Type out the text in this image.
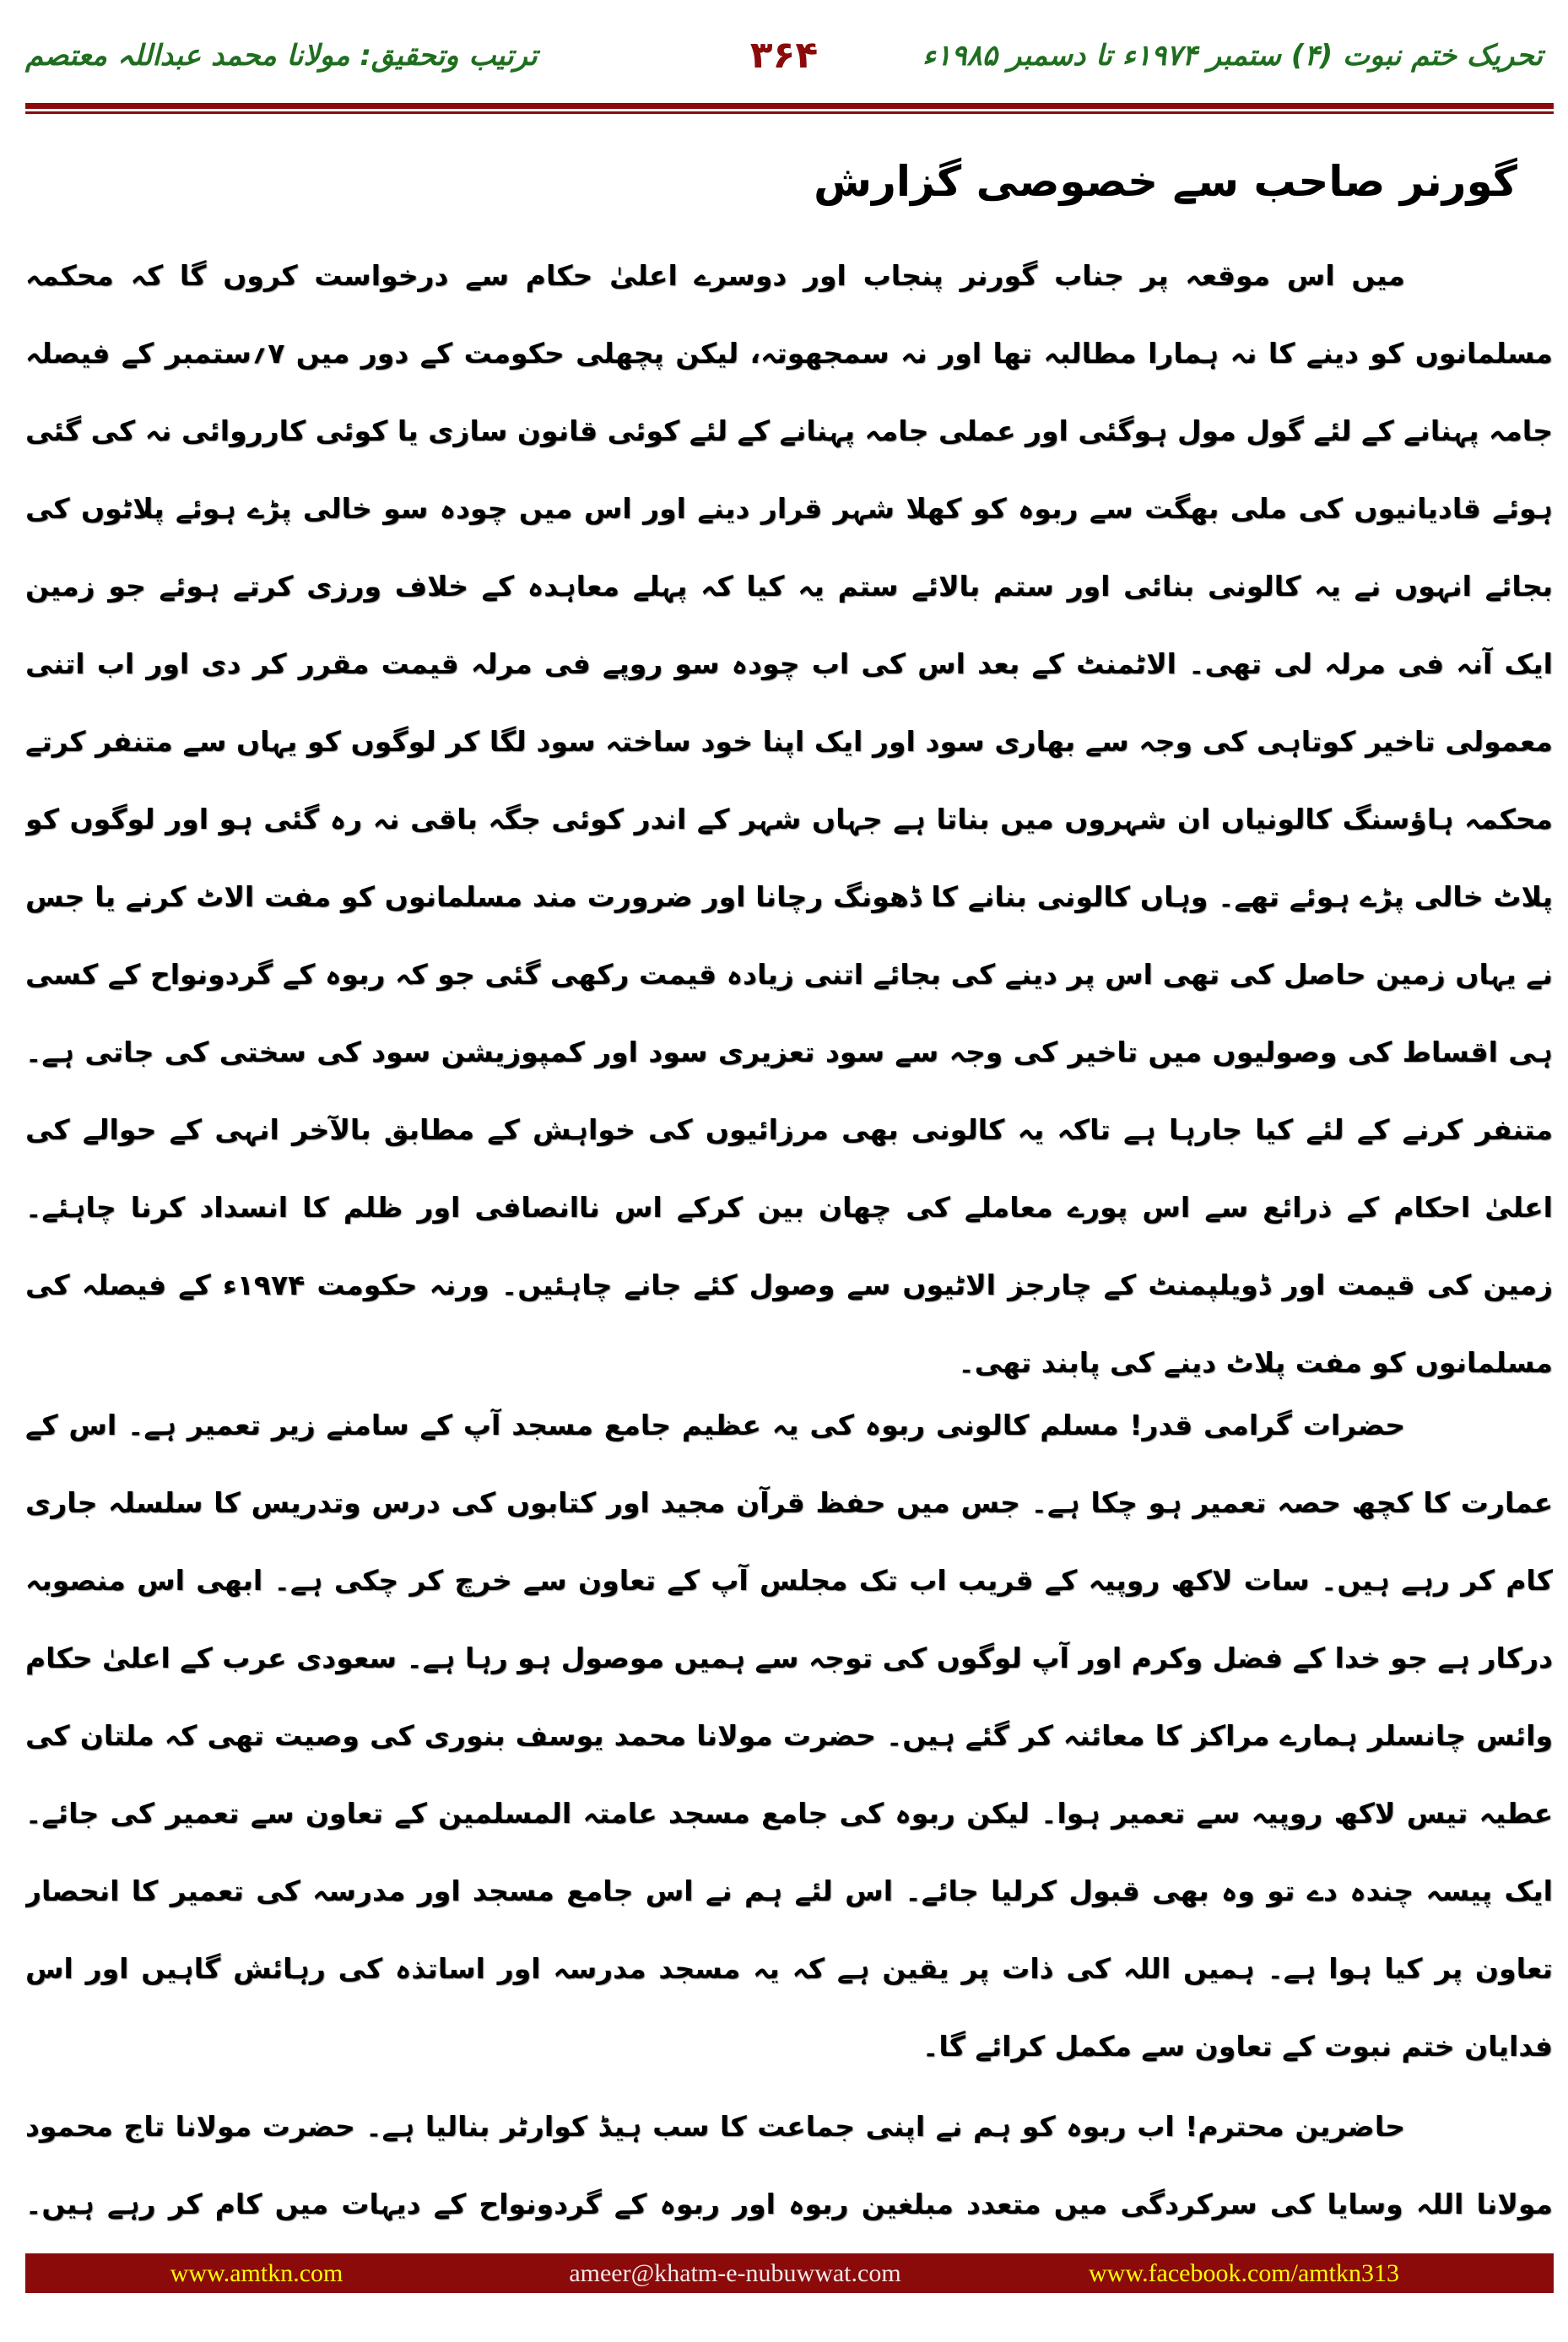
تحریک ختم نبوت (۴) ستمبر ۱۹۷۴ء تا دسمبر ۱۹۸۵ء
۳۶۴
ترتیب وتحقیق: مولانا محمد عبداللہ معتصم
گورنر صاحب سے خصوصی گزارش
میں اس موقعہ پر جناب گورنر پنجاب اور دوسرے اعلیٰ حکام سے درخواست کروں گا کہ محکمہ
مسلمانوں کو دینے کا نہ ہمارا مطالبہ تھا اور نہ سمجھوتہ، لیکن پچھلی حکومت کے دور میں ۷؍ستمبر کے فیصلہ
جامہ پہنانے کے لئے گول مول ہوگئی اور عملی جامہ پہنانے کے لئے کوئی قانون سازی یا کوئی کارروائی نہ کی گئی
ہوئے قادیانیوں کی ملی بھگت سے ربوہ کو کھلا شہر قرار دینے اور اس میں چودہ سو خالی پڑے ہوئے پلاٹوں کی
بجائے انہوں نے یہ کالونی بنائی اور ستم بالائے ستم یہ کیا کہ پہلے معاہدہ کے خلاف ورزی کرتے ہوئے جو زمین
ایک آنہ فی مرلہ لی تھی۔ الاٹمنٹ کے بعد اس کی اب چودہ سو روپے فی مرلہ قیمت مقرر کر دی اور اب اتنی
معمولی تاخیر کوتاہی کی وجہ سے بھاری سود اور ایک اپنا خود ساختہ سود لگا کر لوگوں کو یہاں سے متنفر کرتے
محکمہ ہاؤسنگ کالونیاں ان شہروں میں بناتا ہے جہاں شہر کے اندر کوئی جگہ باقی نہ رہ گئی ہو اور لوگوں کو
پلاٹ خالی پڑے ہوئے تھے۔ وہاں کالونی بنانے کا ڈھونگ رچانا اور ضرورت مند مسلمانوں کو مفت الاٹ کرنے یا جس
نے یہاں زمین حاصل کی تھی اس پر دینے کی بجائے اتنی زیادہ قیمت رکھی گئی جو کہ ربوہ کے گردونواح کے کسی
ہی اقساط کی وصولیوں میں تاخیر کی وجہ سے سود تعزیری سود اور کمپوزیشن سود کی سختی کی جاتی ہے۔
متنفر کرنے کے لئے کیا جارہا ہے تاکہ یہ کالونی بھی مرزائیوں کی خواہش کے مطابق بالآخر انہی کے حوالے کی
اعلیٰ احکام کے ذرائع سے اس پورے معاملے کی چھان بین کرکے اس ناانصافی اور ظلم کا انسداد کرنا چاہئے۔
زمین کی قیمت اور ڈویلپمنٹ کے چارجز الاٹیوں سے وصول کئے جانے چاہئیں۔ ورنہ حکومت ۱۹۷۴ء کے فیصلہ کی
مسلمانوں کو مفت پلاٹ دینے کی پابند تھی۔
حضرات گرامی قدر! مسلم کالونی ربوہ کی یہ عظیم جامع مسجد آپ کے سامنے زیر تعمیر ہے۔ اس کے
عمارت کا کچھ حصہ تعمیر ہو چکا ہے۔ جس میں حفظ قرآن مجید اور کتابوں کی درس وتدریس کا سلسلہ جاری
کام کر رہے ہیں۔ سات لاکھ روپیہ کے قریب اب تک مجلس آپ کے تعاون سے خرچ کر چکی ہے۔ ابھی اس منصوبہ
درکار ہے جو خدا کے فضل وکرم اور آپ لوگوں کی توجہ سے ہمیں موصول ہو رہا ہے۔ سعودی عرب کے اعلیٰ حکام
وائس چانسلر ہمارے مراکز کا معائنہ کر گئے ہیں۔ حضرت مولانا محمد یوسف بنوری کی وصیت تھی کہ ملتان کی
عطیہ تیس لاکھ روپیہ سے تعمیر ہوا۔ لیکن ربوہ کی جامع مسجد عامتہ المسلمین کے تعاون سے تعمیر کی جائے۔
ایک پیسہ چندہ دے تو وہ بھی قبول کرلیا جائے۔ اس لئے ہم نے اس جامع مسجد اور مدرسہ کی تعمیر کا انحصار
تعاون پر کیا ہوا ہے۔ ہمیں اللہ کی ذات پر یقین ہے کہ یہ مسجد مدرسہ اور اساتذہ کی رہائش گاہیں اور اس
فدایان ختم نبوت کے تعاون سے مکمل کرائے گا۔
حاضرین محترم! اب ربوہ کو ہم نے اپنی جماعت کا سب ہیڈ کوارٹر بنالیا ہے۔ حضرت مولانا تاج محمود
مولانا اللہ وسایا کی سرکردگی میں متعدد مبلغین ربوہ اور ربوہ کے گردونواح کے دیہات میں کام کر رہے ہیں۔
www.amtkn.com	ameer@khatm-e-nubuwwat.com	www.facebook.com/amtkn313
